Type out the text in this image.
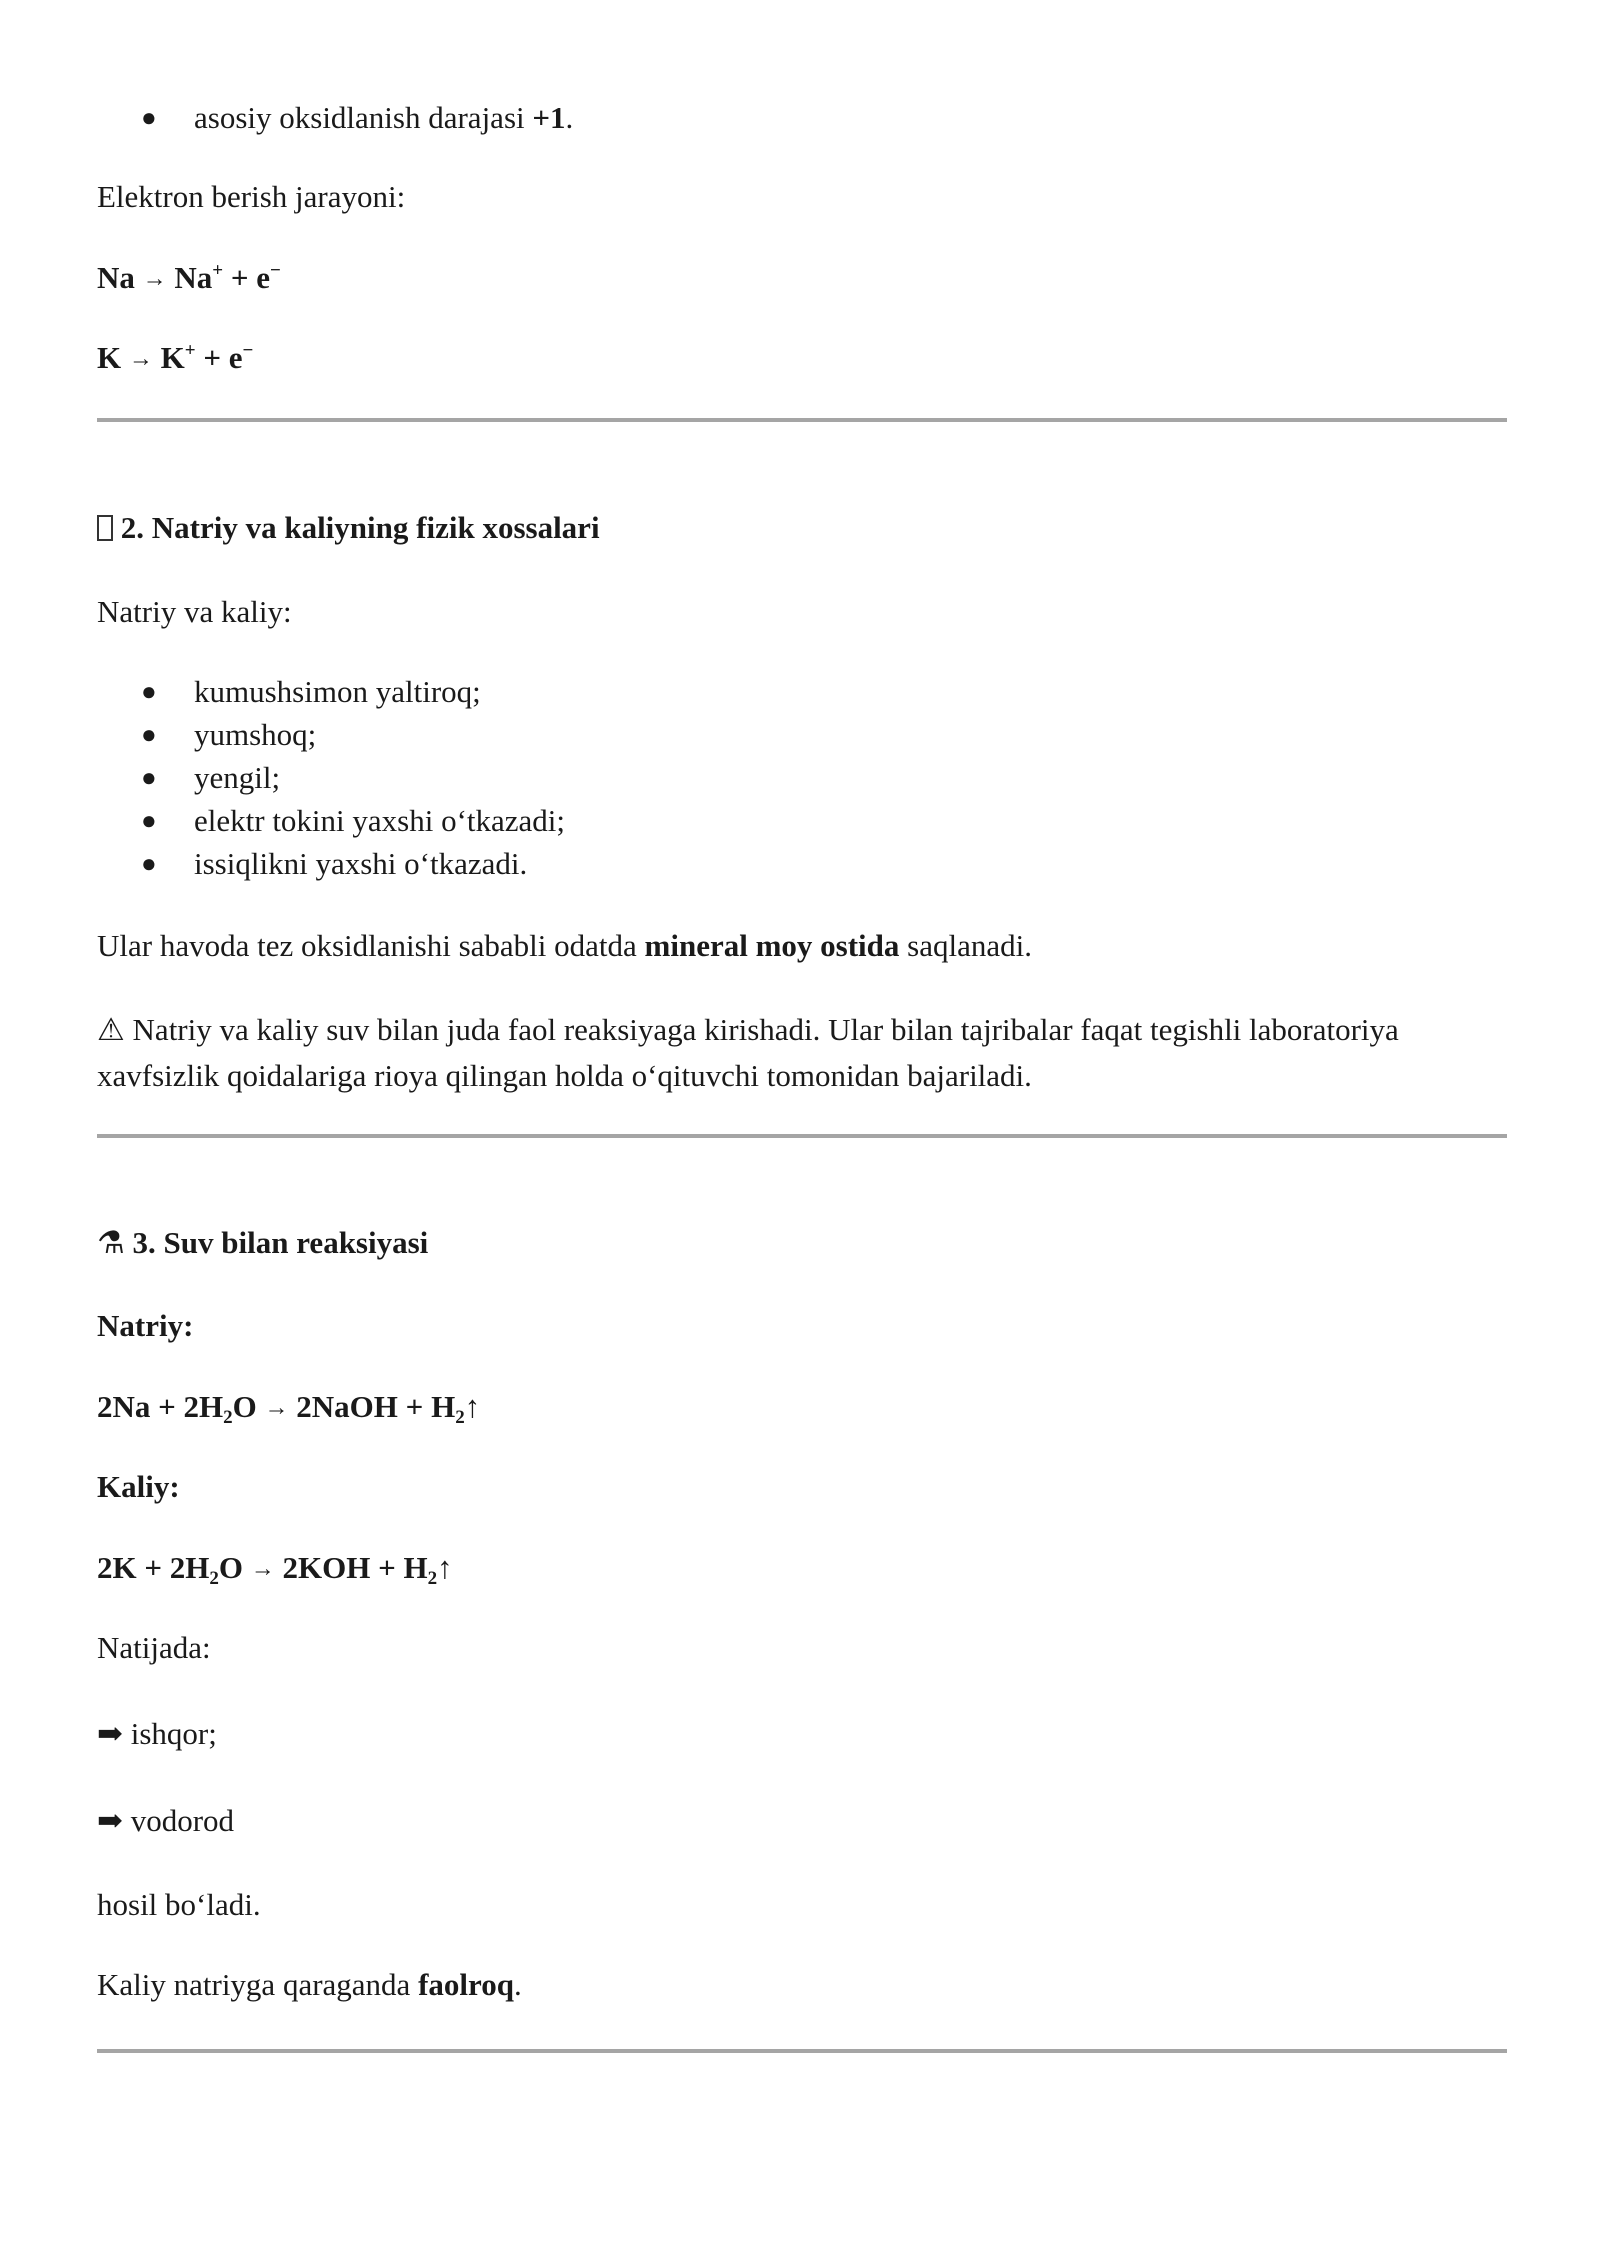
● asosiy oksidlanish darajasi +1.
Elektron berish jarayoni:
Na → Na+ + e−
K → K+ + e−
2. Natriy va kaliyning fizik xossalari
Natriy va kaliy:
● kumushsimon yaltiroq;
● yumshoq;
● yengil;
● elektr tokini yaxshi oʻtkazadi;
● issiqlikni yaxshi oʻtkazadi.
Ular havoda tez oksidlanishi sababli odatda mineral moy ostida saqlanadi.
⚠ Natriy va kaliy suv bilan juda faol reaksiyaga kirishadi. Ular bilan tajribalar faqat tegishli laboratoriya xavfsizlik qoidalariga rioya qilingan holda oʻqituvchi tomonidan bajariladi.
⚗ 3. Suv bilan reaksiyasi
Natriy:
$2Na + 2H_2O$ → 2NaOH + $H_2↑$
Kaliy:
$2K + 2H_2O \to 2KOH$ + $H_2↑$
Natijada:
➡ ishqor;
➡ vodorod
hosil boʻladi.
Kaliy natriyga qaraganda faolroq.
